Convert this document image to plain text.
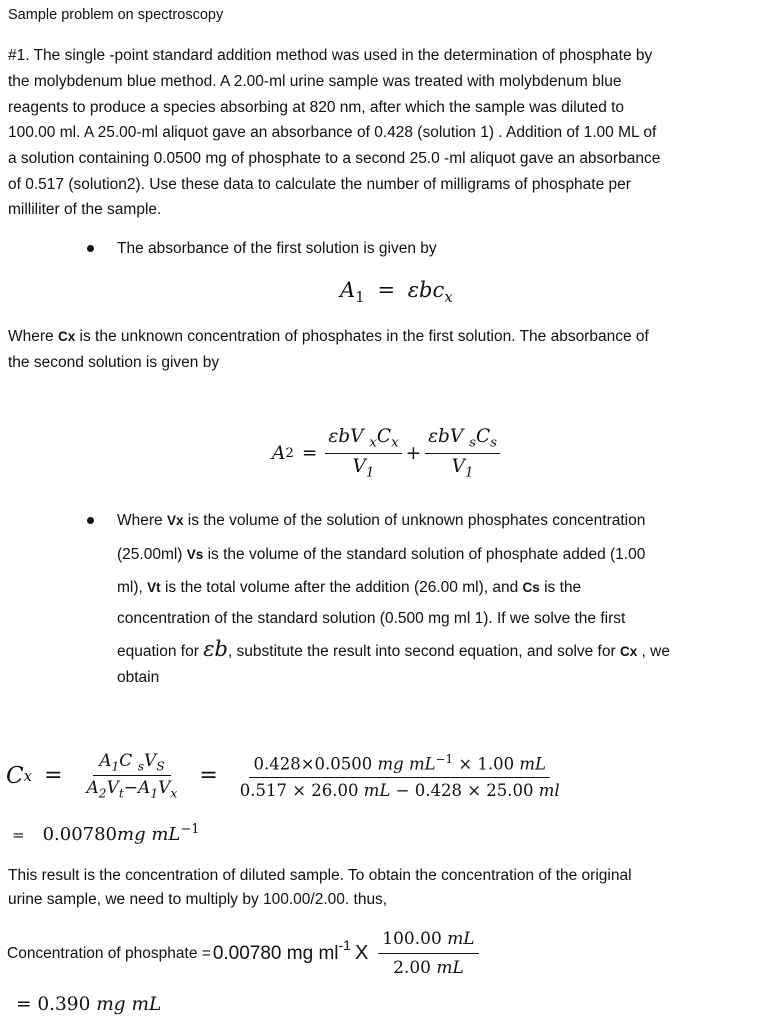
Sample problem on spectroscopy
#1. The single -point standard addition method was used in the determination of phosphate by
the molybdenum blue method. A 2.00-ml urine sample was treated with molybdenum blue
reagents to produce a species absorbing at 820 nm, after which the sample was diluted to
100.00 ml. A 25.00-ml aliquot gave an absorbance of 0.428 (solution 1) . Addition of 1.00 ML of
a solution containing 0.0500 mg of phosphate to a second 25.0 -ml aliquot gave an absorbance
of 0.517 (solution2). Use these data to calculate the number of milligrams of phosphate per
milliliter of the sample.
The absorbance of the first solution is given by
$A_1 = \varepsilon bc_x$
Where Cx is the unknown concentration of phosphates in the first solution. The absorbance of
the second solution is given by
A $2 = \frac{\varepsilon bV _xC_x}{V_1} + \frac{\varepsilon bV _sC_s}{V_1}$
Where Vx is the volume of the solution of unknown phosphates concentration
(25.00ml) Vs is the volume of the standard solution of phosphate added (1.00
ml), Vt is the total volume after the addition (26.00 ml), and Cs is the
concentration of the standard solution (0.500 mg ml 1). If we solve the first
equation for εb, substitute the result into second equation, and solve for Cx , we
obtain
C $x = \frac{A_1C _sV_S}{A_2V_t-A_1V_x} = \frac{0.428\times 0.0500 mg mL^{-1} \times 1.00 mL}{0.517 \times 26.00 mL - 0.428 \times 25.00 ml}$
= 0.00780mg $mL^{-1}$
This result is the concentration of diluted sample. To obtain the concentration of the original
urine sample, we need to multiply by 100.00/2.00. thus,
Concentration of phosphate = 0.00780 mg $ml^{-1}$ X $\frac{100.00 mL}{2.00 mL}$
= 0.390 mg mL
